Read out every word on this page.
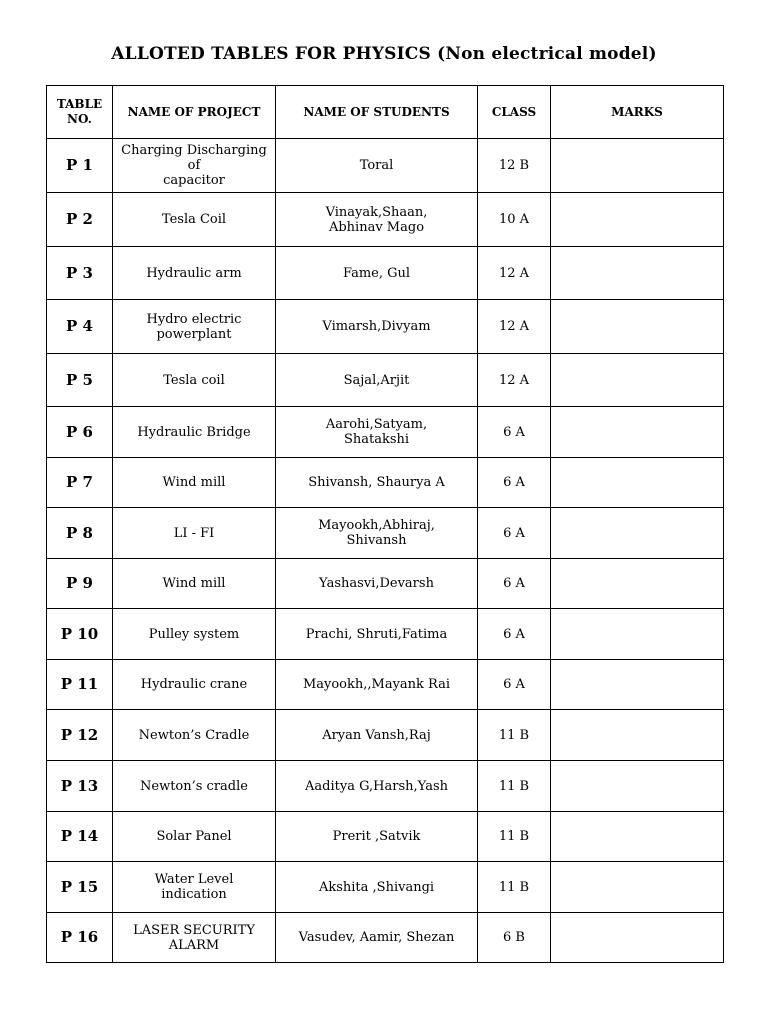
ALLOTED TABLES FOR PHYSICS (Non electrical model)
TABLE
NO.	NAME OF PROJECT	NAME OF STUDENTS	CLASS	MARKS

P 1	Charging Discharging
of
capacitor	Toral	12 B	

P 2	Tesla Coil	Vinayak,Shaan,
Abhinav Mago	10 A	

P 3	Hydraulic arm	Fame, Gul	12 A	

P 4	Hydro electric
powerplant	Vimarsh,Divyam	12 A	

P 5	Tesla coil	Sajal,Arjit	12 A	

P 6	Hydraulic Bridge	Aarohi,Satyam,
Shatakshi	6 A	

P 7	Wind mill	Shivansh, Shaurya A	6 A	

P 8	LI - FI	Mayookh,Abhiraj,
Shivansh	6 A	

P 9	Wind mill	Yashasvi,Devarsh	6 A	

P 10	Pulley system	Prachi, Shruti,Fatima	6 A	

P 11	Hydraulic crane	Mayookh,,Mayank Rai	6 A	

P 12	Newton’s Cradle	Aryan Vansh,Raj	11 B	

P 13	Newton’s cradle	Aaditya G,Harsh,Yash	11 B	

P 14	Solar Panel	Prerit ,Satvik	11 B	

P 15	Water Level
indication	Akshita ,Shivangi	11 B	

P 16	LASER SECURITY
ALARM	Vasudev, Aamir, Shezan	6 B	
